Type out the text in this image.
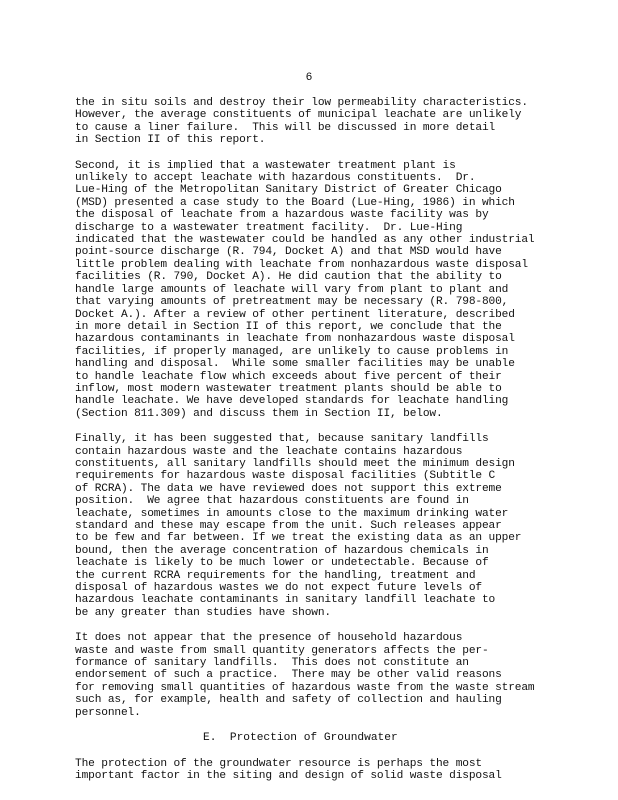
6

the in situ soils and destroy their low permeability characteristics.
However, the average constituents of municipal leachate are unlikely
to cause a liner failure.  This will be discussed in more detail
in Section II of this report.

Second, it is implied that a wastewater treatment plant is
unlikely to accept leachate with hazardous constituents.  Dr.
Lue-Hing of the Metropolitan Sanitary District of Greater Chicago
(MSD) presented a case study to the Board (Lue-Hing, 1986) in which
the disposal of leachate from a hazardous waste facility was by
discharge to a wastewater treatment facility.  Dr. Lue-Hing
indicated that the wastewater could be handled as any other industrial
point-source discharge (R. 794, Docket A) and that MSD would have
little problem dealing with leachate from nonhazardous waste disposal
facilities (R. 790, Docket A). He did caution that the ability to
handle large amounts of leachate will vary from plant to plant and
that varying amounts of pretreatment may be necessary (R. 798-800,
Docket A.). After a review of other pertinent literature, described
in more detail in Section II of this report, we conclude that the
hazardous contaminants in leachate from nonhazardous waste disposal
facilities, if properly managed, are unlikely to cause problems in
handling and disposal.  While some smaller facilities may be unable
to handle leachate flow which exceeds about five percent of their
inflow, most modern wastewater treatment plants should be able to
handle leachate. We have developed standards for leachate handling
(Section 811.309) and discuss them in Section II, below.

Finally, it has been suggested that, because sanitary landfills
contain hazardous waste and the leachate contains hazardous
constituents, all sanitary landfills should meet the minimum design
requirements for hazardous waste disposal facilities (Subtitle C
of RCRA). The data we have reviewed does not support this extreme
position.  We agree that hazardous constituents are found in
leachate, sometimes in amounts close to the maximum drinking water
standard and these may escape from the unit. Such releases appear
to be few and far between. If we treat the existing data as an upper
bound, then the average concentration of hazardous chemicals in
leachate is likely to be much lower or undetectable. Because of
the current RCRA requirements for the handling, treatment and
disposal of hazardous wastes we do not expect future levels of
hazardous leachate contaminants in sanitary landfill leachate to
be any greater than studies have shown.

It does not appear that the presence of household hazardous
waste and waste from small quantity generators affects the per-
formance of sanitary landfills.  This does not constitute an
endorsement of such a practice.  There may be other valid reasons
for removing small quantities of hazardous waste from the waste stream
such as, for example, health and safety of collection and hauling
personnel.

E.  Protection of Groundwater

The protection of the groundwater resource is perhaps the most
important factor in the siting and design of solid waste disposal
